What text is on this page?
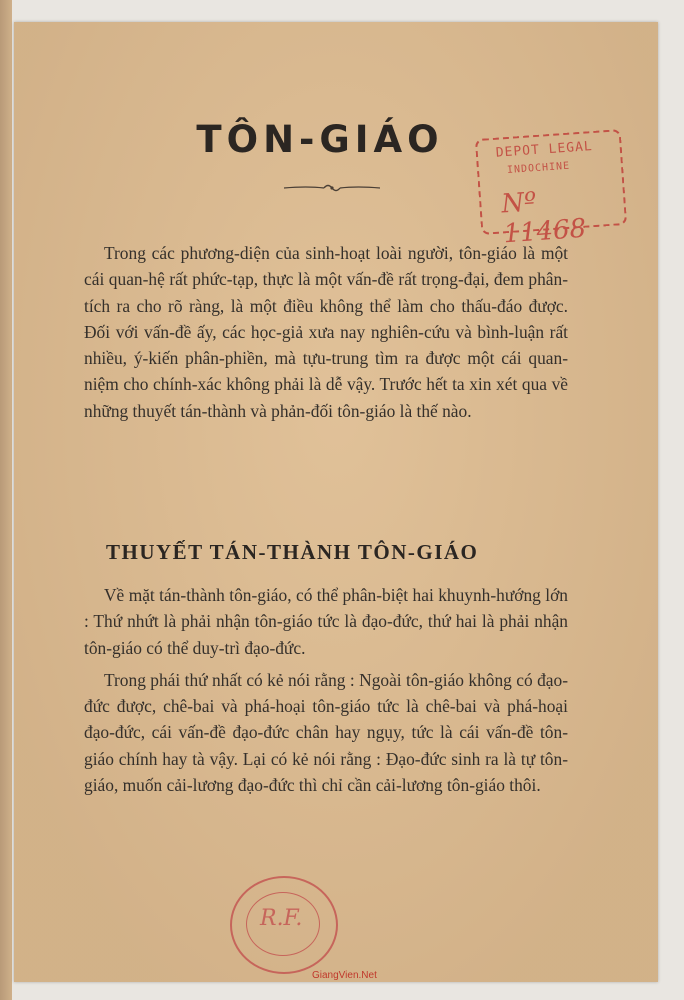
TÔN-GIÁO	DEPOT LEGAL
INDOCHINE
Nº 11468

Trong các phương-diện của sinh-hoạt loài người, tôn-giáo là một cái quan-hệ rất phức-tạp, thực là một vấn-đề rất trọng-đại, đem phân-tích ra cho rõ ràng, là một điều không thể làm cho thấu-đáo được. Đối với vấn-đề ấy, các học-giả xưa nay nghiên-cứu và bình-luận rất nhiều, ý-kiến phân-phiền, mà tựu-trung tìm ra được một cái quan-niệm cho chính-xác không phải là dễ vậy. Trước hết ta xin xét qua về những thuyết tán-thành và phản-đối tôn-giáo là thế nào.

THUYẾT TÁN-THÀNH TÔN-GIÁO

Về mặt tán-thành tôn-giáo, có thể phân-biệt hai khuynh-hướng lớn : Thứ nhứt là phải nhận tôn-giáo tức là đạo-đức, thứ hai là phải nhận tôn-giáo có thể duy-trì đạo-đức.

Trong phái thứ nhất có kẻ nói rằng : Ngoài tôn-giáo không có đạo-đức được, chê-bai và phá-hoại tôn-giáo tức là chê-bai và phá-hoại đạo-đức, cái vấn-đề đạo-đức chân hay ngụy, tức là cái vấn-đề tôn-giáo chính hay tà vậy. Lại có kẻ nói rằng : Đạo-đức sinh ra là tự tôn-giáo, muốn cải-lương đạo-đức thì chỉ cần cải-lương tôn-giáo thôi.

R.F.
GiangVien.Net
